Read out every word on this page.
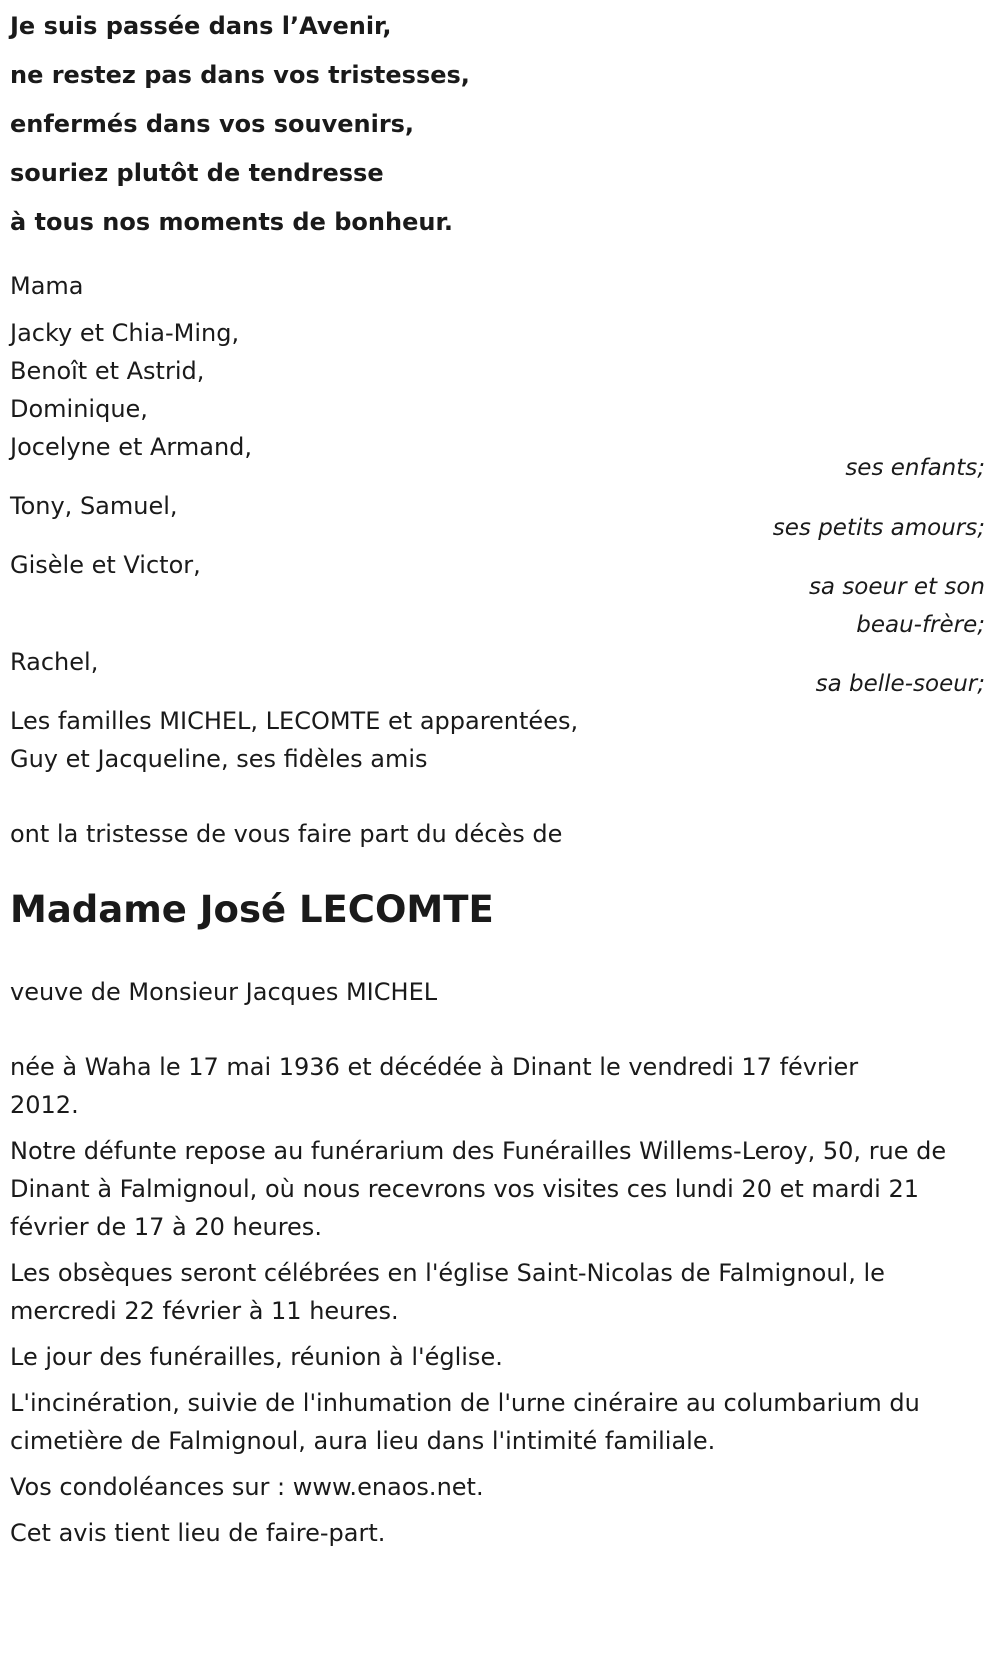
Je suis passée dans l’Avenir,
ne restez pas dans vos tristesses,
enfermés dans vos souvenirs,
souriez plutôt de tendresse
à tous nos moments de bonheur.
Mama
Jacky et Chia-Ming,
Benoît et Astrid,
Dominique,
Jocelyne et Armand,
ses enfants;
Tony, Samuel,
ses petits amours;
Gisèle et Victor,
sa soeur et son
beau-frère;
Rachel,
sa belle-soeur;
Les familles MICHEL, LECOMTE et apparentées,
Guy et Jacqueline, ses fidèles amis
ont la tristesse de vous faire part du décès de
Madame José LECOMTE
veuve de Monsieur Jacques MICHEL
née à Waha le 17 mai 1936 et décédée à Dinant le vendredi 17 février 2012.
Notre défunte repose au funérarium des Funérailles Willems-Leroy, 50, rue de Dinant à Falmignoul, où nous recevrons vos visites ces lundi 20 et mardi 21 février de 17 à 20 heures.
Les obsèques seront célébrées en l'église Saint-Nicolas de Falmignoul, le mercredi 22 février à 11 heures.
Le jour des funérailles, réunion à l'église.
L'incinération, suivie de l'inhumation de l'urne cinéraire au columbarium du cimetière de Falmignoul, aura lieu dans l'intimité familiale.
Vos condoléances sur : www.enaos.net.
Cet avis tient lieu de faire-part.
